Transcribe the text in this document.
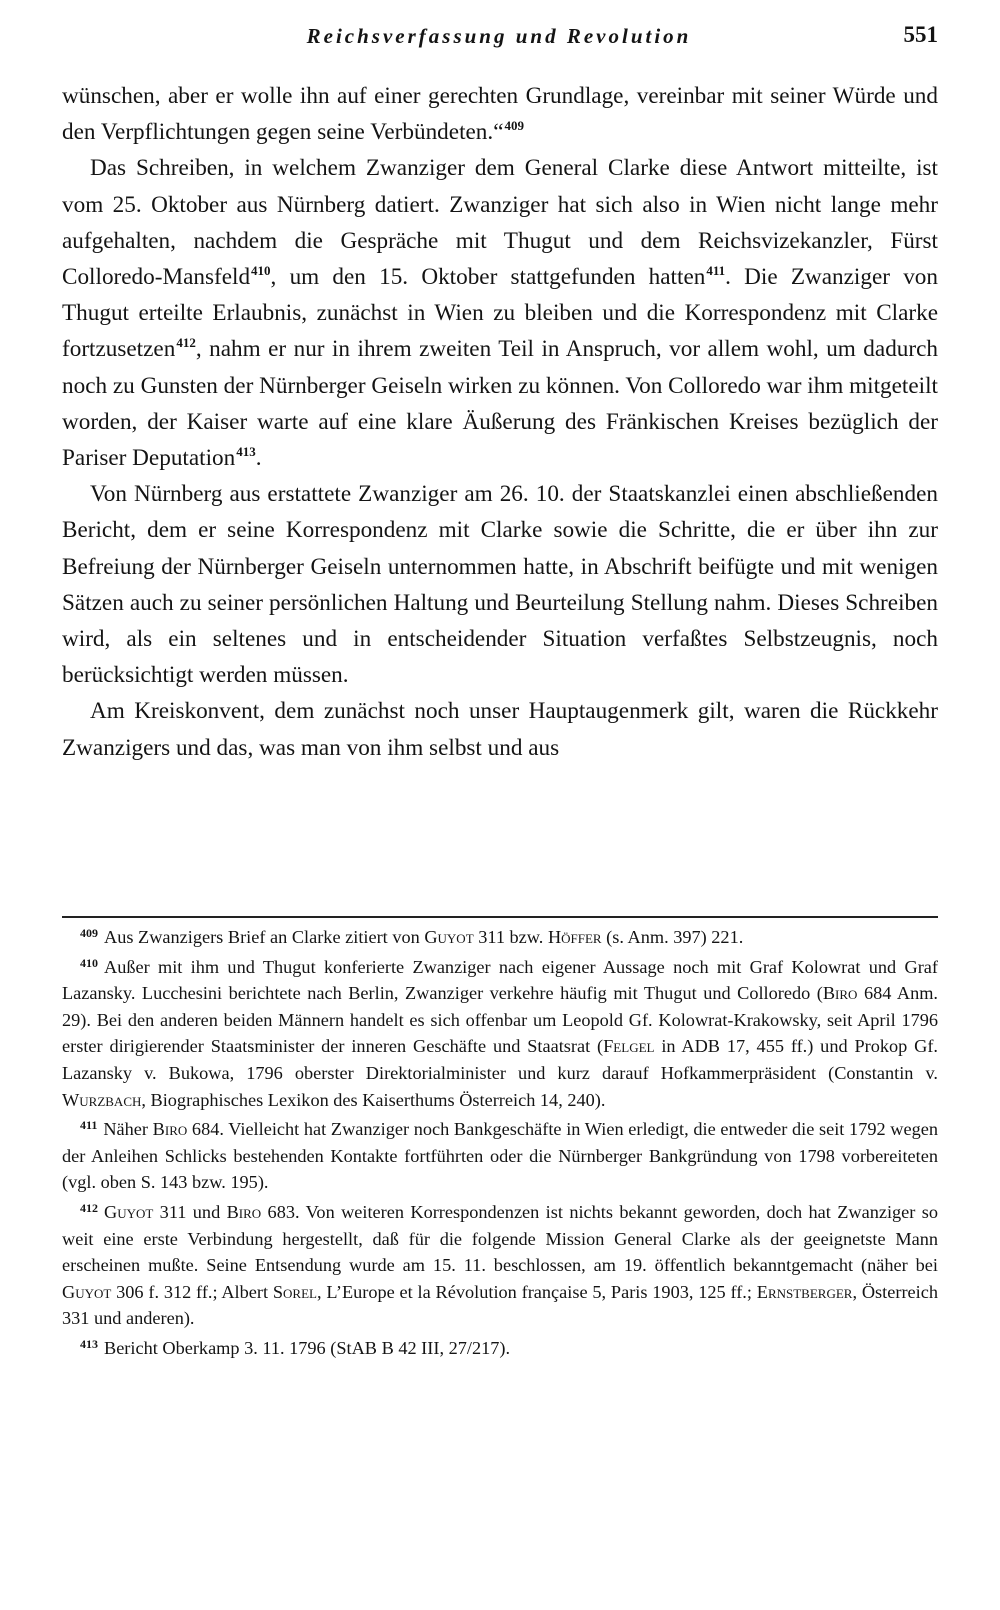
Reichsverfassung und Revolution	551

wünschen, aber er wolle ihn auf einer gerechten Grundlage, vereinbar mit seiner Würde und den Verpflichtungen gegen seine Verbündeten.“$^{409}$

Das Schreiben, in welchem Zwanziger dem General Clarke diese Antwort mitteilte, ist vom 25. Oktober aus Nürnberg datiert. Zwanziger hat sich also in Wien nicht lange mehr aufgehalten, nachdem die Gespräche mit Thugut und dem Reichsvizekanzler, Fürst Colloredo-Mansfeld$^{410}$, um den 15. Oktober stattgefunden hatten$^{411}$. Die Zwanziger von Thugut erteilte Erlaubnis, zunächst in Wien zu bleiben und die Korrespondenz mit Clarke fortzusetzen$^{412}$, nahm er nur in ihrem zweiten Teil in Anspruch, vor allem wohl, um dadurch noch zu Gunsten der Nürnberger Geiseln wirken zu können. Von Colloredo war ihm mitgeteilt worden, der Kaiser warte auf eine klare Äußerung des Fränkischen Kreises bezüglich der Pariser Deputation$^{413}$.

Von Nürnberg aus erstattete Zwanziger am 26. 10. der Staatskanzlei einen abschließenden Bericht, dem er seine Korrespondenz mit Clarke sowie die Schritte, die er über ihn zur Befreiung der Nürnberger Geiseln unternommen hatte, in Abschrift beifügte und mit wenigen Sätzen auch zu seiner persönlichen Haltung und Beurteilung Stellung nahm. Dieses Schreiben wird, als ein seltenes und in entscheidender Situation verfaßtes Selbstzeugnis, noch berücksichtigt werden müssen.

Am Kreiskonvent, dem zunächst noch unser Hauptaugenmerk gilt, waren die Rückkehr Zwanzigers und das, was man von ihm selbst und aus

$^{409}$ Aus Zwanzigers Brief an Clarke zitiert von Guyot 311 bzw. Höffer (s. Anm. 397) 221.

$^{410}$ Außer mit ihm und Thugut konferierte Zwanziger nach eigener Aussage noch mit Graf Kolowrat und Graf Lazansky. Lucchesini berichtete nach Berlin, Zwanziger verkehre häufig mit Thugut und Colloredo (Biro 684 Anm. 29). Bei den anderen beiden Männern handelt es sich offenbar um Leopold Gf. Kolowrat-Krakowsky, seit April 1796 erster dirigierender Staatsminister der inneren Geschäfte und Staatsrat (Felgel in ADB 17, 455 ff.) und Prokop Gf. Lazansky v. Bukowa, 1796 oberster Direktorialminister und kurz darauf Hofkammerpräsident (Constantin v. Wurzbach, Biographisches Lexikon des Kaiserthums Österreich 14, 240).

$^{411}$ Näher Biro 684. Vielleicht hat Zwanziger noch Bankgeschäfte in Wien erledigt, die entweder die seit 1792 wegen der Anleihen Schlicks bestehenden Kontakte fortführten oder die Nürnberger Bankgründung von 1798 vorbereiteten (vgl. oben S. 143 bzw. 195).

$^{412}$ Guyot 311 und Biro 683. Von weiteren Korrespondenzen ist nichts bekannt geworden, doch hat Zwanziger so weit eine erste Verbindung hergestellt, daß für die folgende Mission General Clarke als der geeignetste Mann erscheinen mußte. Seine Entsendung wurde am 15. 11. beschlossen, am 19. öffentlich bekanntgemacht (näher bei Guyot 306 f. 312 ff.; Albert Sorel, L’Europe et la Révolution française 5, Paris 1903, 125 ff.; Ernstberger, Österreich 331 und anderen).

$^{413}$ Bericht Oberkamp 3. 11. 1796 (StAB B 42 III, 27/217).
